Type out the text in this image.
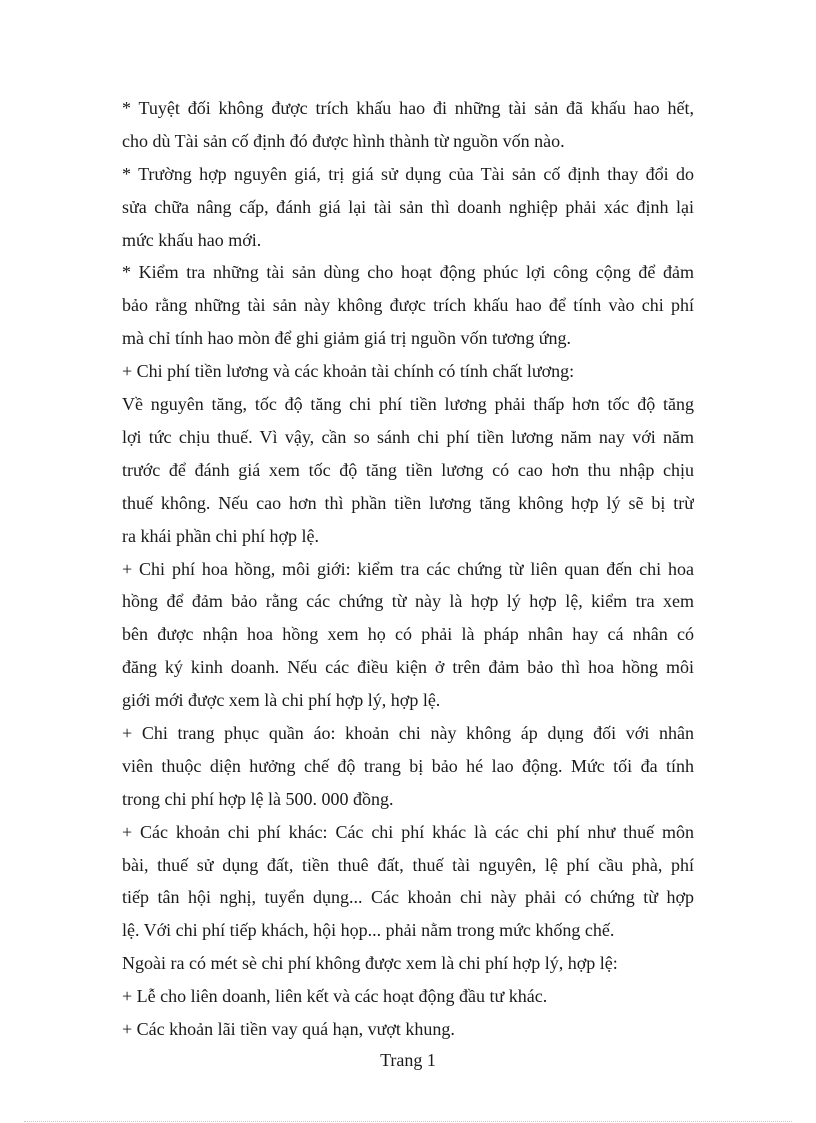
* Tuyệt đối không được trích khấu hao đi những tài sản đã khấu hao hết,
cho dù Tài sản cố định đó được hình thành từ nguồn vốn nào.
* Trường hợp nguyên giá, trị giá sử dụng của Tài sản cố định thay đổi do
sửa chữa nâng cấp, đánh giá lại tài sản thì doanh nghiệp phải xác định lại
mức khấu hao mới.
* Kiểm tra những tài sản dùng cho hoạt động phúc lợi công cộng để đảm
bảo rằng những tài sản này không được trích khấu hao để tính vào chi phí
mà chỉ tính hao mòn để ghi giảm giá trị nguồn vốn tương ứng.
+ Chi phí tiền lương và các khoản tài chính có tính chất lương:
Về nguyên tăng, tốc độ tăng chi phí tiền lương phải thấp hơn tốc độ tăng
lợi tức chịu thuế. Vì vậy, cần so sánh chi phí tiền lương năm nay với năm
trước để đánh giá xem tốc độ tăng tiền lương có cao hơn thu nhập chịu
thuế không. Nếu cao hơn thì phần tiền lương tăng không hợp lý sẽ bị trừ
ra khái phần chi phí hợp lệ.
+ Chi phí hoa hồng, môi giới: kiểm tra các chứng từ liên quan đến chi hoa
hồng để đảm bảo rằng các chứng từ này là hợp lý hợp lệ, kiểm tra xem
bên được nhận hoa hồng xem họ có phải là pháp nhân hay cá nhân có
đăng ký kinh doanh. Nếu các điều kiện ở trên đảm bảo thì hoa hồng môi
giới mới được xem là chi phí hợp lý, hợp lệ.
+ Chi trang phục quần áo: khoản chi này không áp dụng đối với nhân
viên thuộc diện hưởng chế độ trang bị bảo hé lao động. Mức tối đa tính
trong chi phí hợp lệ là 500. 000 đồng.
+ Các khoản chi phí khác: Các chi phí khác là các chi phí như thuế môn
bài, thuế sử dụng đất, tiền thuê đất, thuế tài nguyên, lệ phí cầu phà, phí
tiếp tân hội nghị, tuyển dụng... Các khoản chi này phải có chứng từ hợp
lệ. Với chi phí tiếp khách, hội họp... phải nằm trong mức khống chế.
Ngoài ra có mét sè chi phí không được xem là chi phí hợp lý, hợp lệ:
+ Lễ cho liên doanh, liên kết và các hoạt động đầu tư khác.
+ Các khoản lãi tiền vay quá hạn, vượt khung.
Trang 1
